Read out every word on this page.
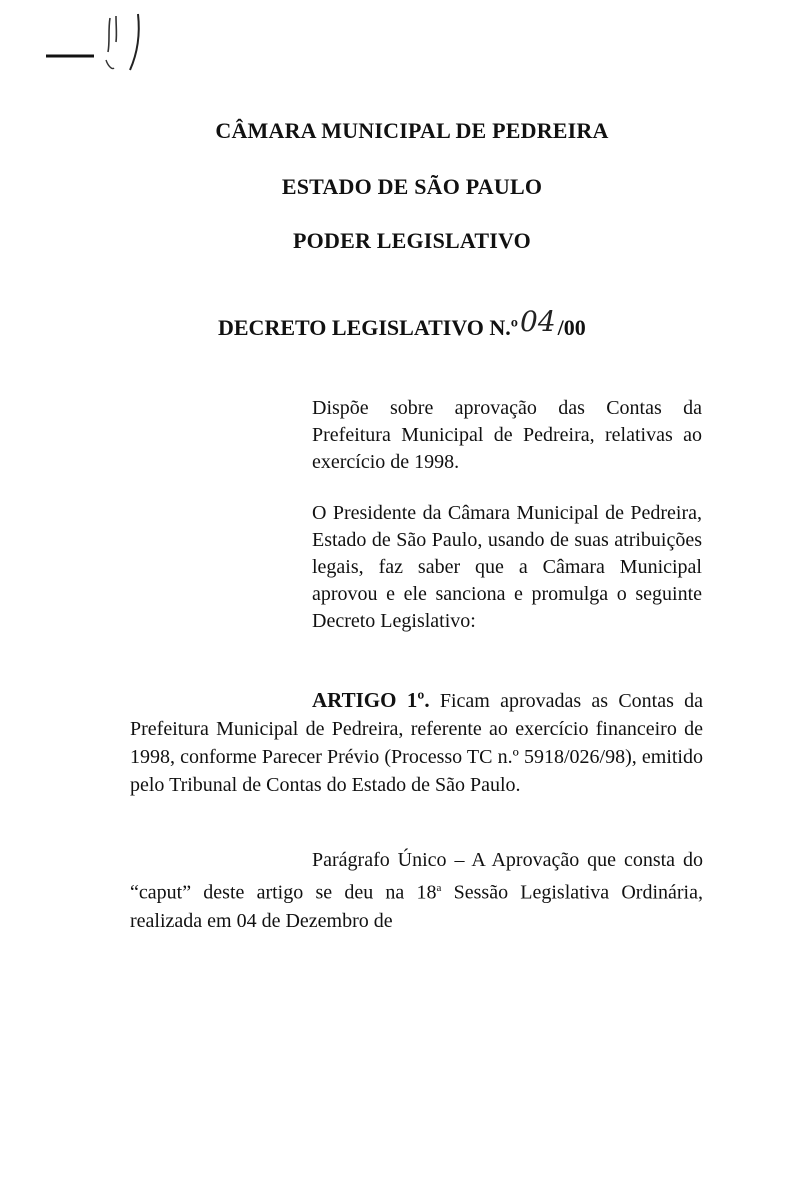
CÂMARA MUNICIPAL DE PEDREIRA
ESTADO DE SÃO PAULO
PODER LEGISLATIVO
DECRETO LEGISLATIVO N.º04/00
Dispõe sobre aprovação das Contas da Prefeitura Municipal de Pedreira, relativas ao exercício de 1998.
O Presidente da Câmara Municipal de Pedreira, Estado de São Paulo, usando de suas atribuições legais, faz saber que a Câmara Municipal aprovou e ele sanciona e promulga o seguinte Decreto Legislativo:
ARTIGO 1º. Ficam aprovadas as Contas da Prefeitura Municipal de Pedreira, referente ao exercício financeiro de 1998, conforme Parecer Prévio (Processo TC n.º 5918/026/98), emitido pelo Tribunal de Contas do Estado de São Paulo.
Parágrafo Único – A Aprovação que consta do “caput” deste artigo se deu na 18$^a$ Sessão Legislativa Ordinária, realizada em 04 de Dezembro de
